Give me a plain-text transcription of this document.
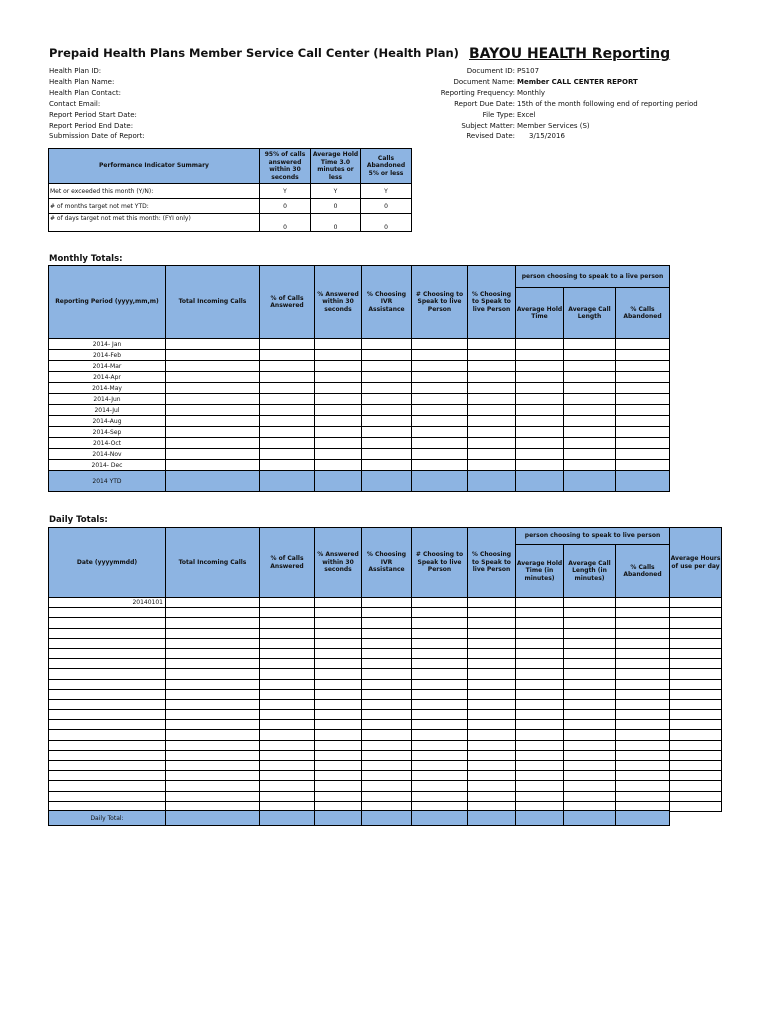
Prepaid Health Plans Member Service Call Center (Health Plan) BAYOU HEALTH Reporting
Health Plan ID:
Health Plan Name:
Health Plan Contact:
Contact Email:
Report Period Start Date:
Report Period End Date:
Submission Date of Report:
Document ID: PS107
Document Name: Member CALL CENTER REPORT
Reporting Frequency: Monthly
Report Due Date: 15th of the month following end of reporting period
File Type: Excel
Subject Matter: Member Services (S)
Revised Date:	3/15/2016
Performance Indicator Summary	95% of calls answered within 30 seconds	Average Hold Time 3.0 minutes or less	Calls Abandoned 5% or less
Met or exceeded this month (Y/N):	Y	Y	Y
# of months target not met YTD:	0	0	0
# of days target not met this month: (FYI only)	0	0	0
Monthly Totals:
Reporting Period (yyyy,mm,m)	Total Incoming Calls	% of Calls Answered	% Answered within 30 seconds	% Choosing IVR Assistance	# Choosing to Speak to live Person	% Choosing to Speak to live Person	person choosing to speak to a live person		
							Average Hold Time	Average Call Length	% Calls Abandoned
2014- Jan									
2014-Feb									
2014-Mar									
2014-Apr									
2014-May									
2014-Jun									
2014-Jul									
2014-Aug									
2014-Sep									
2014-Oct									
2014-Nov									
2014- Dec									
2014 YTD									
Daily Totals:
Date (yyyymmdd)	Total Incoming Calls	% of Calls Answered	% Answered within 30 seconds	% Choosing IVR Assistance	# Choosing to Speak to live Person	% Choosing to Speak to live Person	person choosing to speak to live person			Average Hours of use per day
							Average Hold Time (in minutes)	Average Call Length (in minutes)	% Calls Abandoned	
20140101										

Daily Total:									
